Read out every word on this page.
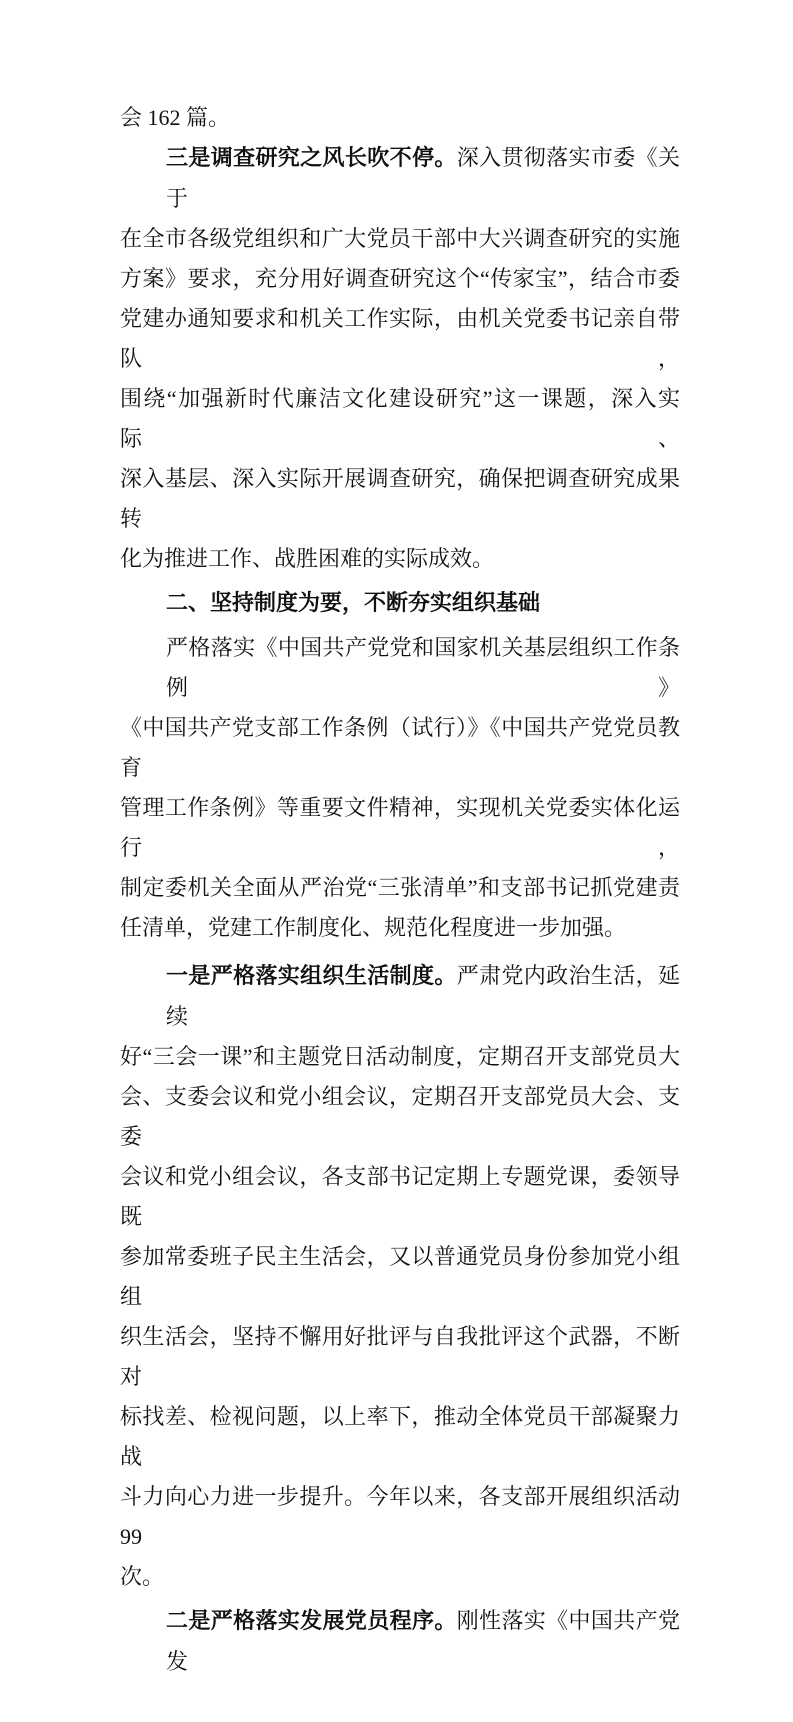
会 162 篇。
三是调查研究之风长吹不停。深入贯彻落实市委《关于
在全市各级党组织和广大党员干部中大兴调查研究的实施
方案》要求，充分用好调查研究这个“传家宝”，结合市委
党建办通知要求和机关工作实际，由机关党委书记亲自带队，
围绕“加强新时代廉洁文化建设研究”这一课题，深入实际、
深入基层、深入实际开展调查研究，确保把调查研究成果转
化为推进工作、战胜困难的实际成效。
二、坚持制度为要，不断夯实组织基础
严格落实《中国共产党党和国家机关基层组织工作条例》
《中国共产党支部工作条例（试行）》《中国共产党党员教育
管理工作条例》等重要文件精神，实现机关党委实体化运行，
制定委机关全面从严治党“三张清单”和支部书记抓党建责
任清单，党建工作制度化、规范化程度进一步加强。
一是严格落实组织生活制度。严肃党内政治生活，延续
好“三会一课”和主题党日活动制度，定期召开支部党员大
会、支委会议和党小组会议，定期召开支部党员大会、支委
会议和党小组会议，各支部书记定期上专题党课，委领导既
参加常委班子民主生活会，又以普通党员身份参加党小组组
织生活会，坚持不懈用好批评与自我批评这个武器，不断对
标找差、检视问题，以上率下，推动全体党员干部凝聚力战
斗力向心力进一步提升。今年以来，各支部开展组织活动 99
次。
二是严格落实发展党员程序。刚性落实《中国共产党发
